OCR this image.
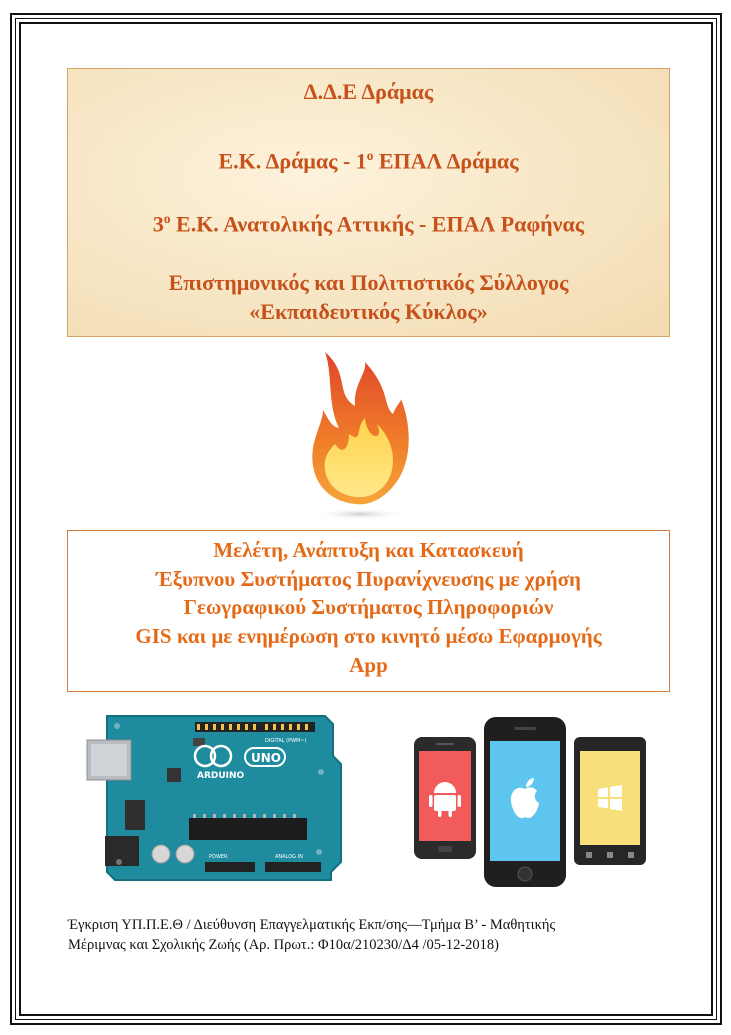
Δ.Δ.Ε Δράμας

Ε.Κ. Δράμας - $1^o$ ΕΠΑΛ Δράμας

$3^o$ Ε.Κ. Ανατολικής Αττικής - ΕΠΑΛ Ραφήνας

Επιστημονικός και Πολιτιστικός Σύλλογος

«Εκπαιδευτικός Κύκλος»

Μελέτη, Ανάπτυξη και Κατασκευή

Έξυπνου Συστήματος Πυρανίχνευσης με χρήση

Γεωγραφικού Συστήματος Πληροφοριών

GIS και με ενημέρωση στο κινητό μέσω Εφαρμογής

App

DIGITAL (PWM~)
ARDUINO
UNO
POWER	ANALOG IN
Έγκριση ΥΠ.Π.Ε.Θ / Διεύθυνση Επαγγελματικής Εκπ/σης—Τμήμα Β’ - Μαθητικής
Μέριμνας και Σχολικής Ζωής (Αρ. Πρωτ.: Φ10α/210230/Δ4 /05-12-2018)
